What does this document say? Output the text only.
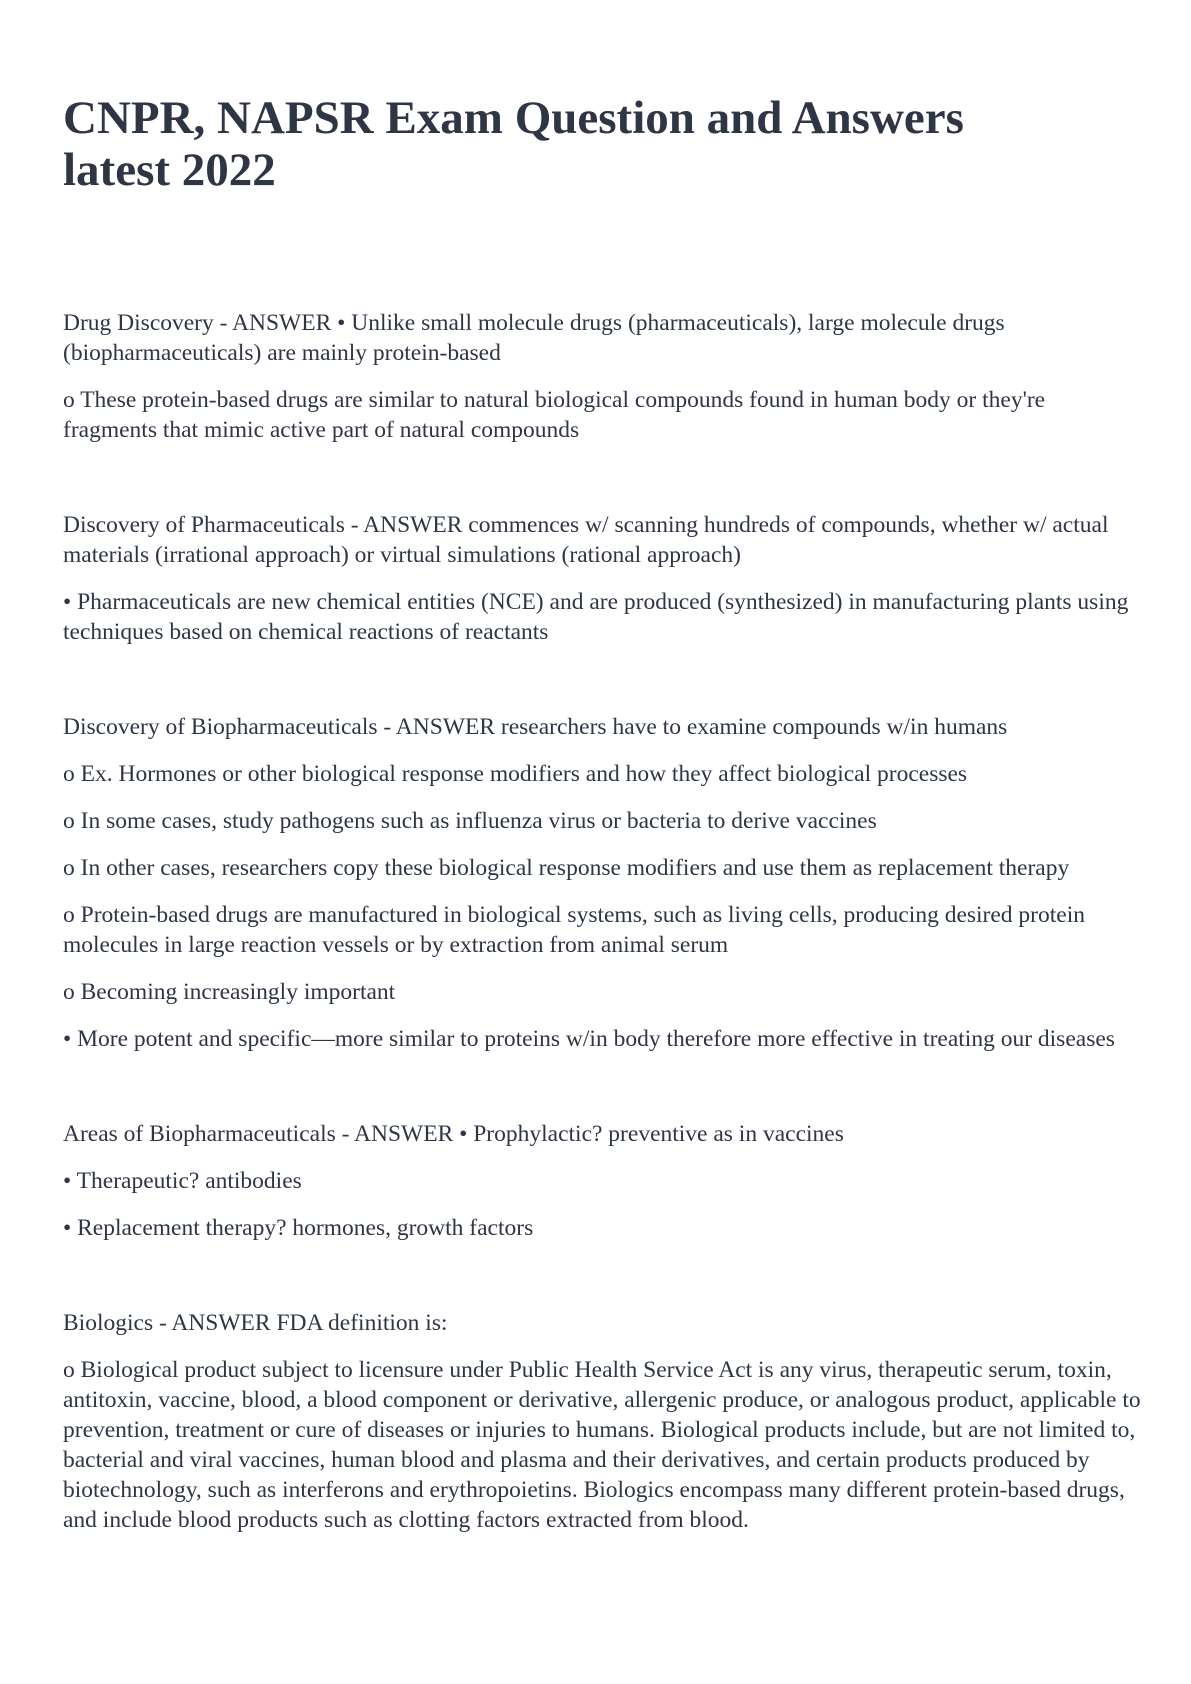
CNPR, NAPSR Exam Question and Answers latest 2022

Drug Discovery - ANSWER • Unlike small molecule drugs (pharmaceuticals), large molecule drugs (biopharmaceuticals) are mainly protein-based

o These protein-based drugs are similar to natural biological compounds found in human body or they're fragments that mimic active part of natural compounds

Discovery of Pharmaceuticals - ANSWER commences w/ scanning hundreds of compounds, whether w/ actual materials (irrational approach) or virtual simulations (rational approach)

• Pharmaceuticals are new chemical entities (NCE) and are produced (synthesized) in manufacturing plants using techniques based on chemical reactions of reactants

Discovery of Biopharmaceuticals - ANSWER researchers have to examine compounds w/in humans

o Ex. Hormones or other biological response modifiers and how they affect biological processes

o In some cases, study pathogens such as influenza virus or bacteria to derive vaccines

o In other cases, researchers copy these biological response modifiers and use them as replacement therapy

o Protein-based drugs are manufactured in biological systems, such as living cells, producing desired protein molecules in large reaction vessels or by extraction from animal serum

o Becoming increasingly important

• More potent and specific—more similar to proteins w/in body therefore more effective in treating our diseases

Areas of Biopharmaceuticals - ANSWER • Prophylactic? preventive as in vaccines

• Therapeutic? antibodies

• Replacement therapy? hormones, growth factors

Biologics - ANSWER FDA definition is:

o Biological product subject to licensure under Public Health Service Act is any virus, therapeutic serum, toxin, antitoxin, vaccine, blood, a blood component or derivative, allergenic produce, or analogous product, applicable to prevention, treatment or cure of diseases or injuries to humans. Biological products include, but are not limited to, bacterial and viral vaccines, human blood and plasma and their derivatives, and certain products produced by biotechnology, such as interferons and erythropoietins. Biologics encompass many different protein-based drugs, and include blood products such as clotting factors extracted from blood.
